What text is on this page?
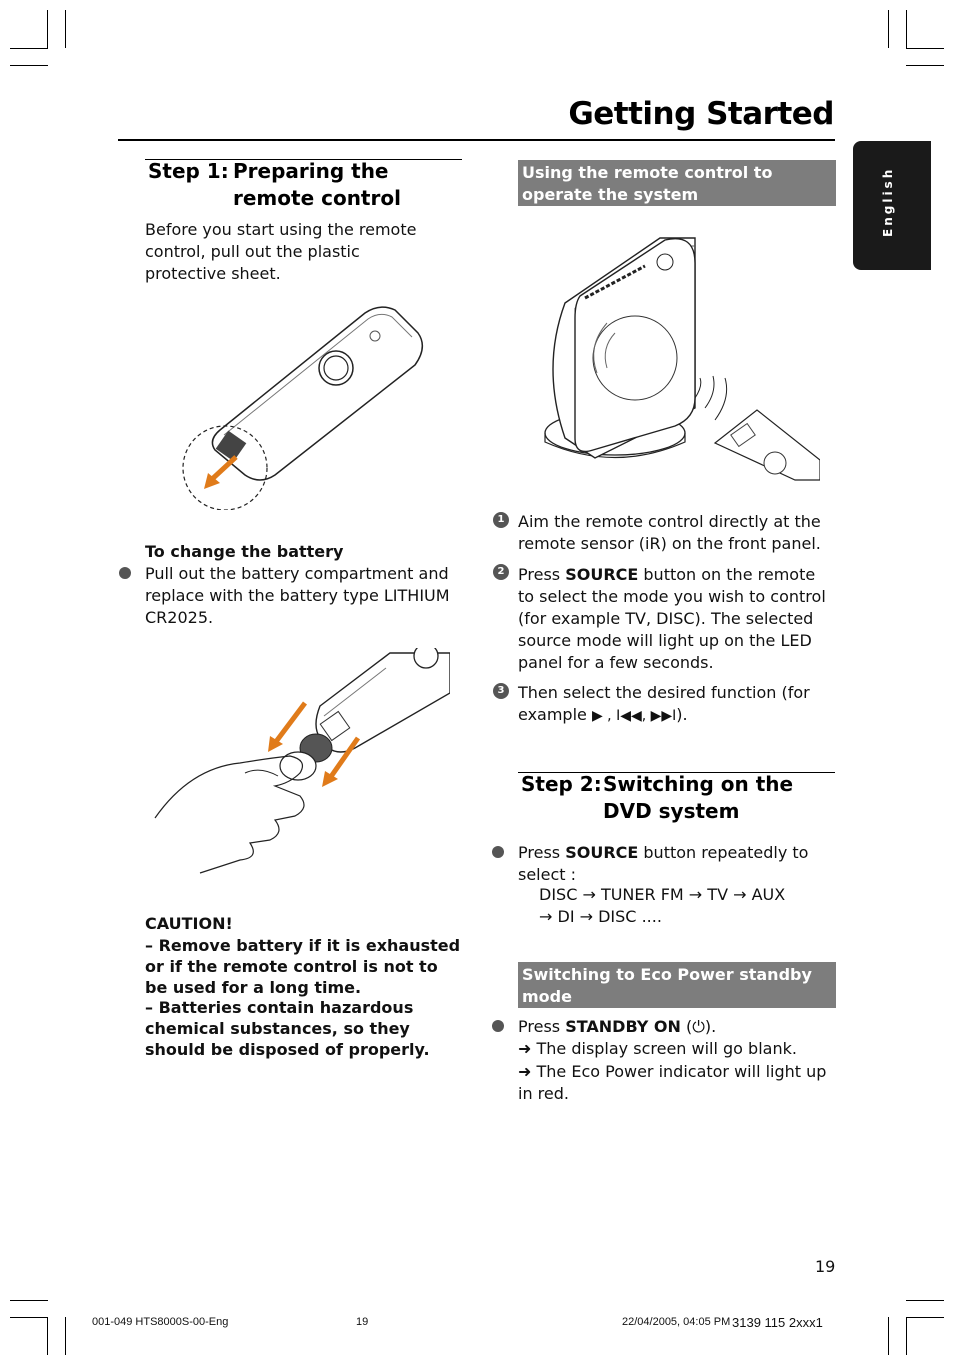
Getting Started
English
Step 1: Preparing the remote control
Before you start using the remote control, pull out the plastic protective sheet.
To change the battery
Pull out the battery compartment and replace with the battery type LITHIUM CR2025.
CAUTION!
– Remove battery if it is exhausted or if the remote control is not to be used for a long time.
– Batteries contain hazardous chemical substances, so they should be disposed of properly.
Using the remote control to operate the system
1 Aim the remote control directly at the remote sensor (iR) on the front panel.
2 Press SOURCE button on the remote to select the mode you wish to control (for example TV, DISC). The selected source mode will light up on the LED panel for a few seconds.
3 Then select the desired function (for example ▶ , I◀◀, ▶▶I).
Step 2: Switching on the DVD system
Press SOURCE button repeatedly to select :
DISC → TUNER FM → TV → AUX
→ DI → DISC ....
Switching to Eco Power standby mode
Press STANDBY ON (⏻).
➜ The display screen will go blank.
➜ The Eco Power indicator will light up in red.
19
001-049 HTS8000S-00-Eng	19	22/04/2005, 04:05 PM 3139 115 2xxx1
